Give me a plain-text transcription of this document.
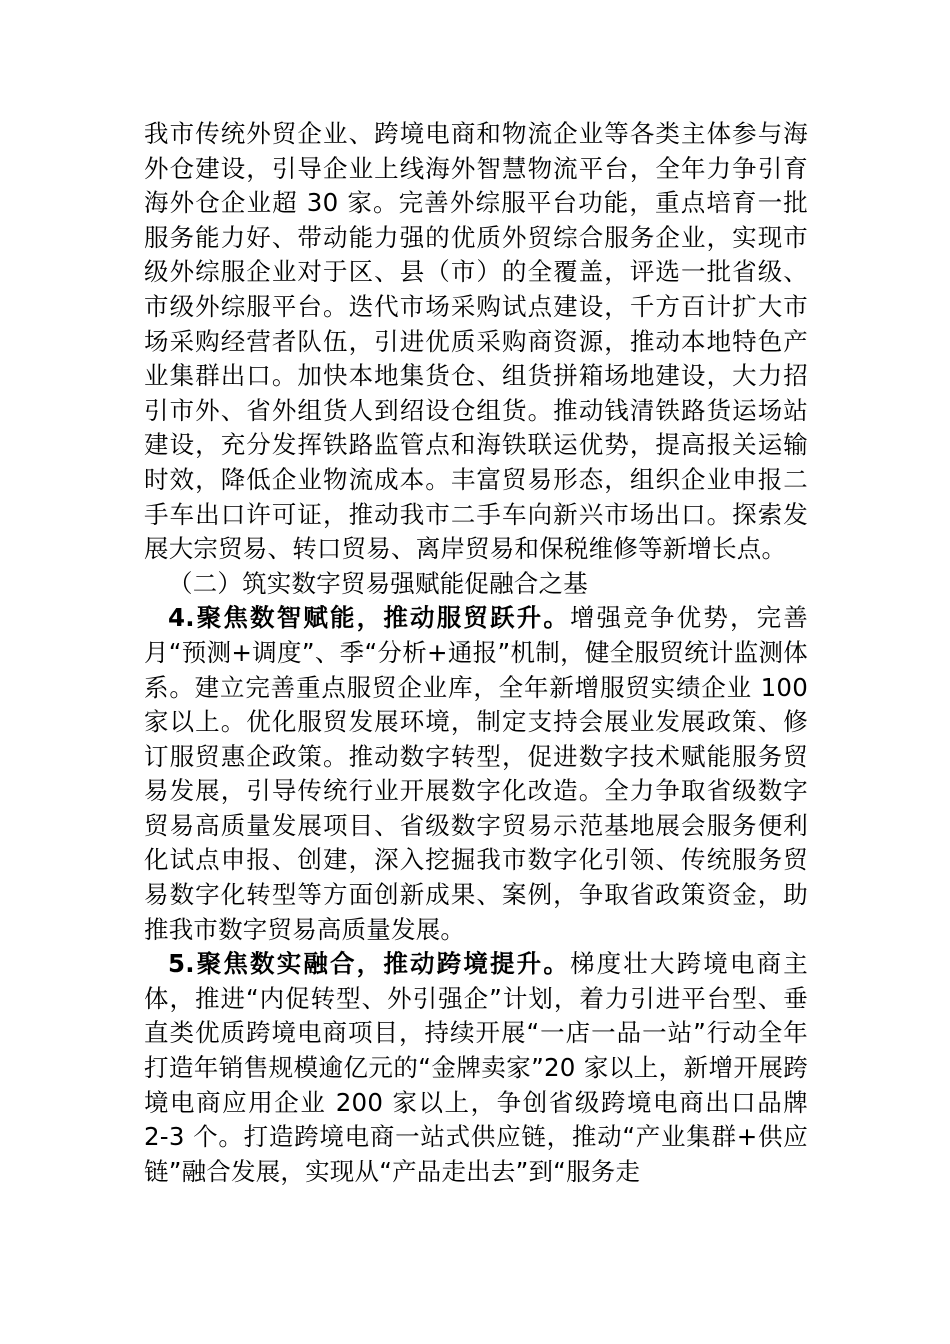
我市传统外贸企业、跨境电商和物流企业等各类主体参与海外仓建设，引导企业上线海外智慧物流平台，全年力争引育海外仓企业超 30 家。完善外综服平台功能，重点培育一批服务能力好、带动能力强的优质外贸综合服务企业，实现市级外综服企业对于区、县（市）的全覆盖，评选一批省级、市级外综服平台。迭代市场采购试点建设，千方百计扩大市场采购经营者队伍，引进优质采购商资源，推动本地特色产业集群出口。加快本地集货仓、组货拼箱场地建设，大力招引市外、省外组货人到绍设仓组货。推动钱清铁路货运场站建设，充分发挥铁路监管点和海铁联运优势，提高报关运输时效，降低企业物流成本。丰富贸易形态，组织企业申报二手车出口许可证，推动我市二手车向新兴市场出口。探索发展大宗贸易、转口贸易、离岸贸易和保税维修等新增长点。

（二）筑实数字贸易强赋能促融合之基

4.聚焦数智赋能，推动服贸跃升。增强竞争优势，完善月“预测+调度”、季“分析+通报”机制，健全服贸统计监测体系。建立完善重点服贸企业库，全年新增服贸实绩企业 100 家以上。优化服贸发展环境，制定支持会展业发展政策、修订服贸惠企政策。推动数字转型，促进数字技术赋能服务贸易发展，引导传统行业开展数字化改造。全力争取省级数字贸易高质量发展项目、省级数字贸易示范基地展会服务便利化试点申报、创建，深入挖掘我市数字化引领、传统服务贸易数字化转型等方面创新成果、案例，争取省政策资金，助推我市数字贸易高质量发展。

5.聚焦数实融合，推动跨境提升。梯度壮大跨境电商主体，推进“内促转型、外引强企”计划，着力引进平台型、垂直类优质跨境电商项目，持续开展“一店一品一站”行动全年打造年销售规模逾亿元的“金牌卖家”20 家以上，新增开展跨境电商应用企业 200 家以上，争创省级跨境电商出口品牌 2-3 个。打造跨境电商一站式供应链，推动“产业集群+供应链”融合发展，实现从“产品走出去”到“服务走
